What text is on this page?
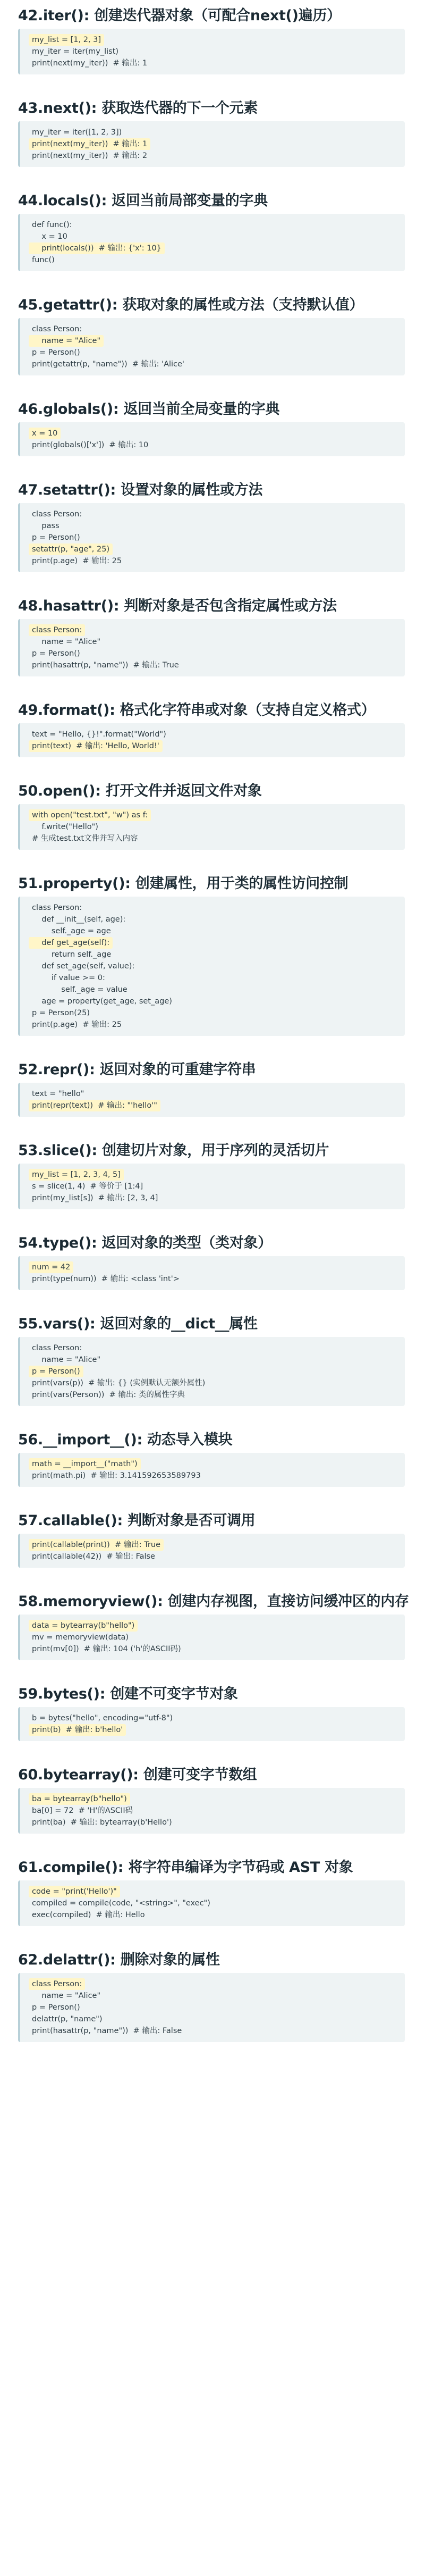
42.iter(): 创建迭代器对象（可配合next()遍历）
my_list = [1, 2, 3]
my_iter = iter(my_list)
print(next(my_iter))  # 输出: 1
43.next(): 获取迭代器的下一个元素
my_iter = iter([1, 2, 3])
print(next(my_iter))  # 输出: 1
print(next(my_iter))  # 输出: 2
44.locals(): 返回当前局部变量的字典
def func():
x = 10
print(locals())  # 输出: {'x': 10}
func()
45.getattr(): 获取对象的属性或方法（支持默认值）
class Person:
name = "Alice"
p = Person()
print(getattr(p, "name"))  # 输出: 'Alice'
46.globals(): 返回当前全局变量的字典
x = 10
print(globals()['x'])  # 输出: 10
47.setattr(): 设置对象的属性或方法
class Person:
pass
p = Person()
setattr(p, "age", 25)
print(p.age)  # 输出: 25
48.hasattr(): 判断对象是否包含指定属性或方法
class Person:
name = "Alice"
p = Person()
print(hasattr(p, "name"))  # 输出: True
49.format(): 格式化字符串或对象（支持自定义格式）
text = "Hello, {}!".format("World")
print(text)  # 输出: 'Hello, World!'
50.open(): 打开文件并返回文件对象
with open("test.txt", "w") as f:
f.write("Hello")
# 生成test.txt文件并写入内容
51.property(): 创建属性，用于类的属性访问控制
class Person:
def __init__(self, age):
self._age = age
def get_age(self):
return self._age
def set_age(self, value):
if value >= 0:
self._age = value
age = property(get_age, set_age)
p = Person(25)
print(p.age)  # 输出: 25
52.repr(): 返回对象的可重建字符串
text = "hello"
print(repr(text))  # 输出: "'hello'"
53.slice(): 创建切片对象，用于序列的灵活切片
my_list = [1, 2, 3, 4, 5]
s = slice(1, 4)  # 等价于 [1:4]
print(my_list[s])  # 输出: [2, 3, 4]
54.type(): 返回对象的类型（类对象）
num = 42
print(type(num))  # 输出: <class 'int'>
55.vars(): 返回对象的__dict__属性
class Person:
name = "Alice"
p = Person()
print(vars(p))  # 输出: {} (实例默认无额外属性)
print(vars(Person))  # 输出: 类的属性字典
56.__import__(): 动态导入模块
math = __import__("math")
print(math.pi)  # 输出: 3.141592653589793
57.callable(): 判断对象是否可调用
print(callable(print))  # 输出: True
print(callable(42))  # 输出: False
58.memoryview(): 创建内存视图，直接访问缓冲区的内存
data = bytearray(b"hello")
mv = memoryview(data)
print(mv[0])  # 输出: 104 ('h'的ASCII码)
59.bytes(): 创建不可变字节对象
b = bytes("hello", encoding="utf-8")
print(b)  # 输出: b'hello'
60.bytearray(): 创建可变字节数组
ba = bytearray(b"hello")
ba[0] = 72  # 'H'的ASCII码
print(ba)  # 输出: bytearray(b'Hello')
61.compile(): 将字符串编译为字节码或 AST 对象
code = "print('Hello')"
compiled = compile(code, "<string>", "exec")
exec(compiled)  # 输出: Hello
62.delattr(): 删除对象的属性
class Person:
name = "Alice"
p = Person()
delattr(p, "name")
print(hasattr(p, "name"))  # 输出: False
